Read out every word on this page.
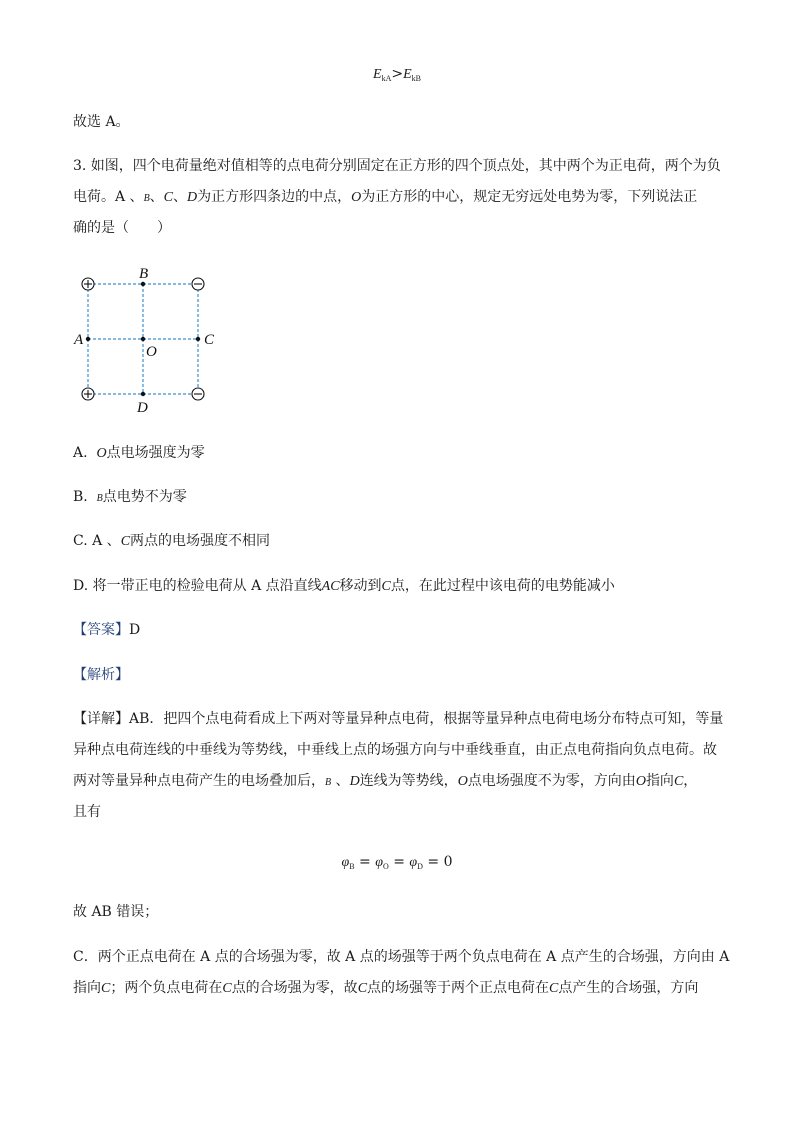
$E_{kA}>E_{kB}$
故选 A。
3. 如图，四个电荷量绝对值相等的点电荷分别固定在正方形的四个顶点处，其中两个为正电荷，两个为负
电荷。A 、B、C、D为正方形四条边的中点，O为正方形的中心，规定无穷远处电势为零，下列说法正
确的是（　　）
B
A
O
C
D
A. O点电场强度为零
B. B点电势不为零
C. A 、C两点的电场强度不相同
D. 将一带正电的检验电荷从 A 点沿直线AC移动到C点，在此过程中该电荷的电势能减小
【答案】D
【解析】
【详解】AB．把四个点电荷看成上下两对等量异种点电荷，根据等量异种点电荷电场分布特点可知，等量
异种点电荷连线的中垂线为等势线，中垂线上点的场强方向与中垂线垂直，由正点电荷指向负点电荷。故
两对等量异种点电荷产生的电场叠加后，B 、D连线为等势线，O点电场强度不为零，方向由O指向C，
且有
$\varphi_B = \varphi_O = \varphi_D = 0$
故 AB 错误；
C．两个正点电荷在 A 点的合场强为零，故 A 点的场强等于两个负点电荷在 A 点产生的合场强，方向由 A
指向C；两个负点电荷在C点的合场强为零，故C点的场强等于两个正点电荷在C点产生的合场强，方向
